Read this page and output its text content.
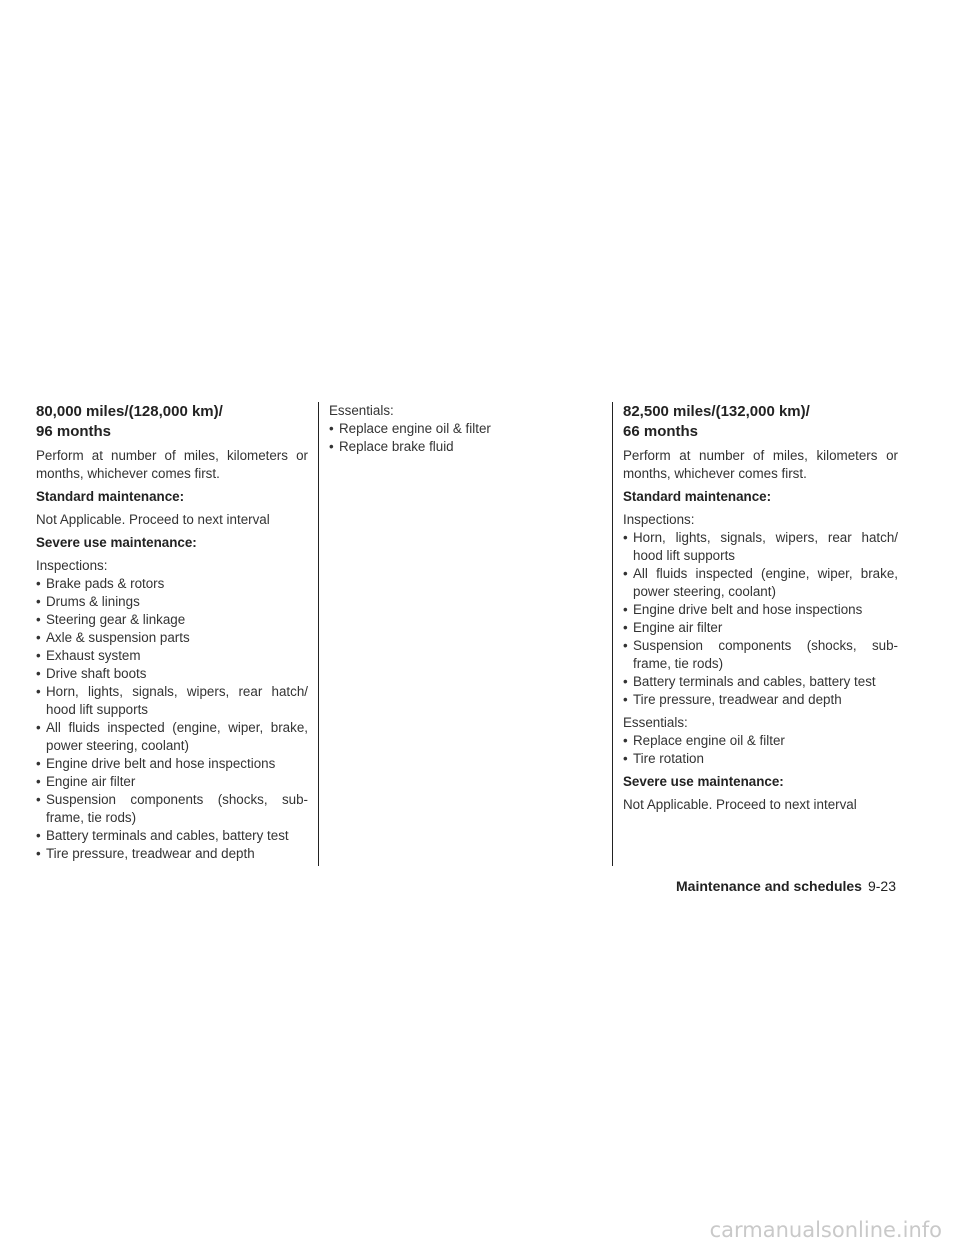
80,000 miles/(128,000 km)/
96 months

Perform at number of miles, kilometers or months, whichever comes first.

Standard maintenance:

Not Applicable. Proceed to next interval

Severe use maintenance:

Inspections:

• Brake pads & rotors
• Drums & linings
• Steering gear & linkage
• Axle & suspension parts
• Exhaust system
• Drive shaft boots
• Horn, lights, signals, wipers, rear hatch/ hood lift supports
• All fluids inspected (engine, wiper, brake, power steering, coolant)
• Engine drive belt and hose inspections
• Engine air filter
• Suspension components (shocks, sub-frame, tie rods)
• Battery terminals and cables, battery test
• Tire pressure, treadwear and depth

Essentials:

• Replace engine oil & filter
• Replace brake fluid
82,500 miles/(132,000 km)/
66 months

Perform at number of miles, kilometers or months, whichever comes first.

Standard maintenance:

Inspections:

• Horn, lights, signals, wipers, rear hatch/ hood lift supports
• All fluids inspected (engine, wiper, brake, power steering, coolant)
• Engine drive belt and hose inspections
• Engine air filter
• Suspension components (shocks, sub-frame, tie rods)
• Battery terminals and cables, battery test
• Tire pressure, treadwear and depth

Essentials:

• Replace engine oil & filter
• Tire rotation

Severe use maintenance:

Not Applicable. Proceed to next interval

Maintenance and schedules 9-23
carmanualsonline.info
